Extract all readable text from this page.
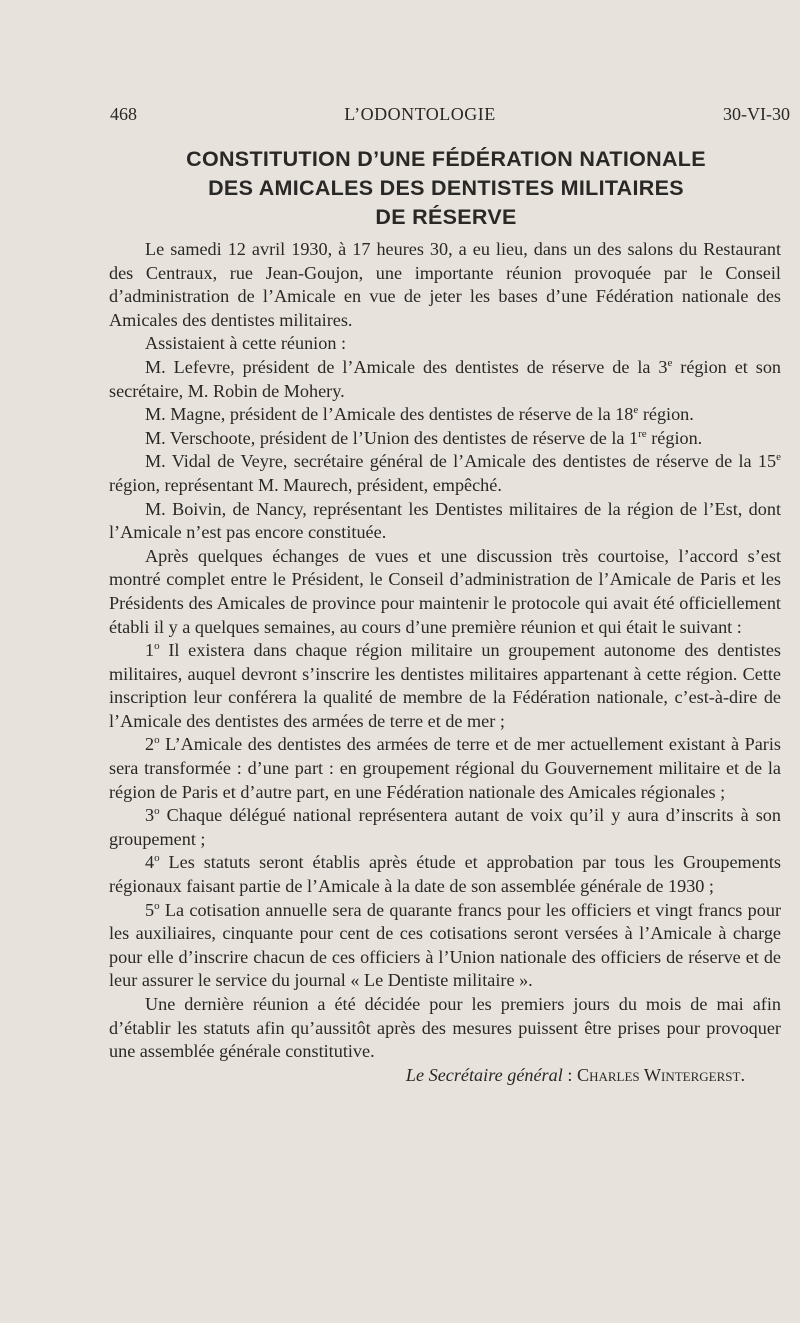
468	L’ODONTOLOGIE	30-VI-30
CONSTITUTION D’UNE FÉDÉRATION NATIONALE
DES AMICALES DES DENTISTES MILITAIRES
DE RÉSERVE

Le samedi 12 avril 1930, à 17 heures 30, a eu lieu, dans un des salons du Restaurant des Centraux, rue Jean-Goujon, une importante réunion provoquée par le Conseil d’administration de l’Amicale en vue de jeter les bases d’une Fédération nationale des Amicales des dentistes militaires.

Assistaient à cette réunion :

M. Lefevre, président de l’Amicale des dentistes de réserve de la 3e région et son secrétaire, M. Robin de Mohery.

M. Magne, président de l’Amicale des dentistes de réserve de la 18e région.

M. Verschoote, président de l’Union des dentistes de réserve de la 1re région.

M. Vidal de Veyre, secrétaire général de l’Amicale des dentistes de réserve de la 15e région, représentant M. Maurech, président, empêché.

M. Boivin, de Nancy, représentant les Dentistes militaires de la région de l’Est, dont l’Amicale n’est pas encore constituée.

Après quelques échanges de vues et une discussion très courtoise, l’accord s’est montré complet entre le Président, le Conseil d’administration de l’Amicale de Paris et les Présidents des Amicales de province pour maintenir le protocole qui avait été officiellement établi il y a quelques semaines, au cours d’une première réunion et qui était le suivant :

1$^o$ Il existera dans chaque région militaire un groupement autonome des dentistes militaires, auquel devront s’inscrire les dentistes militaires appartenant à cette région. Cette inscription leur conférera la qualité de membre de la Fédération nationale, c’est-à-dire de l’Amicale des dentistes des armées de terre et de mer ;

2$^o$ L’Amicale des dentistes des armées de terre et de mer actuellement existant à Paris sera transformée : d’une part : en groupement régional du Gouvernement militaire et de la région de Paris et d’autre part, en une Fédération nationale des Amicales régionales ;

3$^o$ Chaque délégué national représentera autant de voix qu’il y aura d’inscrits à son groupement ;

4$^o$ Les statuts seront établis après étude et approbation par tous les Groupements régionaux faisant partie de l’Amicale à la date de son assemblée générale de 1930 ;

5$^o$ La cotisation annuelle sera de quarante francs pour les officiers et vingt francs pour les auxiliaires, cinquante pour cent de ces cotisations seront versées à l’Amicale à charge pour elle d’inscrire chacun de ces officiers à l’Union nationale des officiers de réserve et de leur assurer le service du journal « Le Dentiste militaire ».

Une dernière réunion a été décidée pour les premiers jours du mois de mai afin d’établir les statuts afin qu’aussitôt après des mesures puissent être prises pour provoquer une assemblée générale constitutive.

Le Secrétaire général : Charles Wintergerst.
